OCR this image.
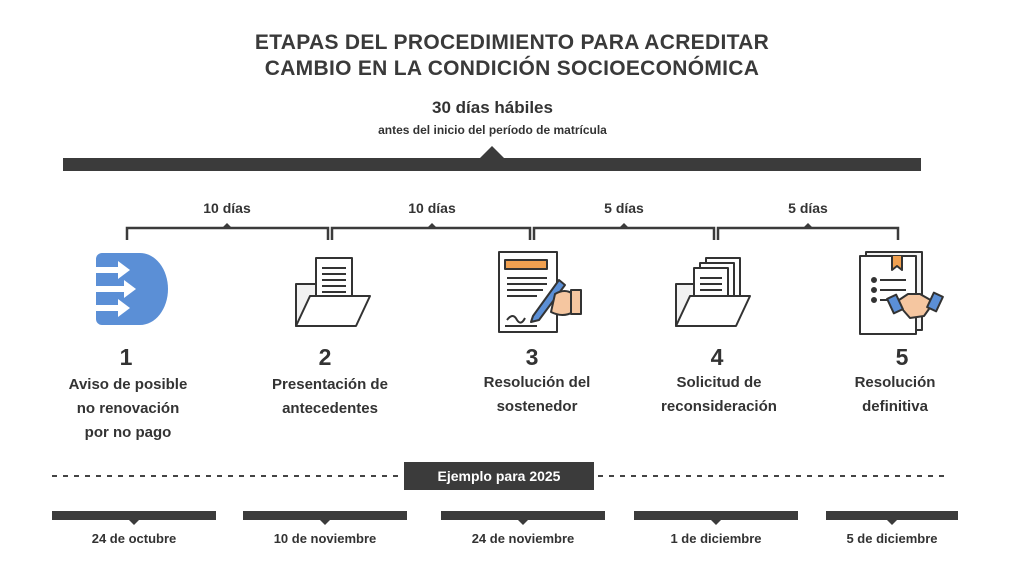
ETAPAS DEL PROCEDIMIENTO PARA ACREDITAR
CAMBIO EN LA CONDICIÓN SOCIOECONÓMICA
30 días hábiles
antes del inicio del período de matrícula
10 días	10 días	5 días	5 días
1	2	3	4	5
Aviso de posible
no renovación
por no pago
Presentación de
antecedentes
Resolución del
sostenedor
Solicitud de
reconsideración
Resolución
definitiva
Ejemplo para 2025
24 de octubre	10 de noviembre	24 de noviembre	1 de diciembre	5 de diciembre
